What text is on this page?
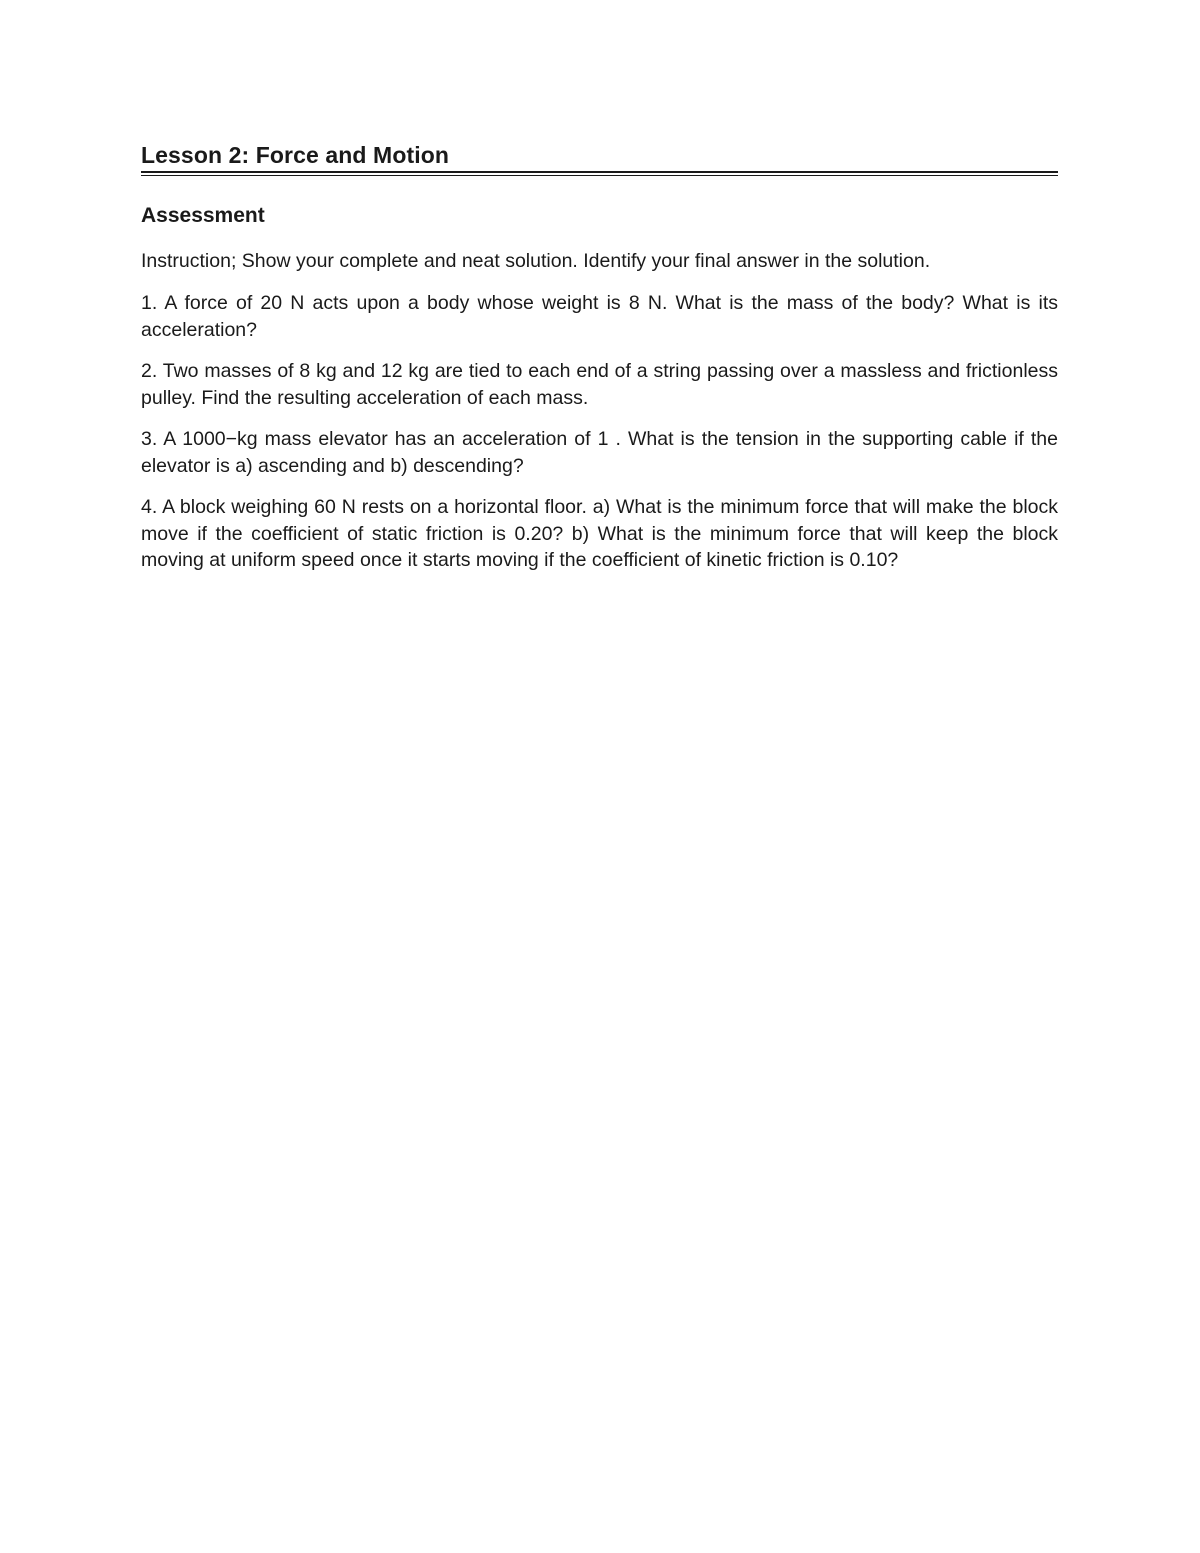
Lesson 2: Force and Motion
Assessment

Instruction; Show your complete and neat solution. Identify your final answer in the solution.

1. A force of 20 N acts upon a body whose weight is 8 N. What is the mass of the body? What is its acceleration?

2. Two masses of 8 kg and 12 kg are tied to each end of a string passing over a massless and frictionless pulley. Find the resulting acceleration of each mass.

3. A 1000−kg mass elevator has an acceleration of 1 . What is the tension in the supporting cable if the elevator is a) ascending and b) descending?

4. A block weighing 60 N rests on a horizontal floor. a) What is the minimum force that will make the block move if the coefficient of static friction is 0.20? b) What is the minimum force that will keep the block moving at uniform speed once it starts moving if the coefficient of kinetic friction is 0.10?
